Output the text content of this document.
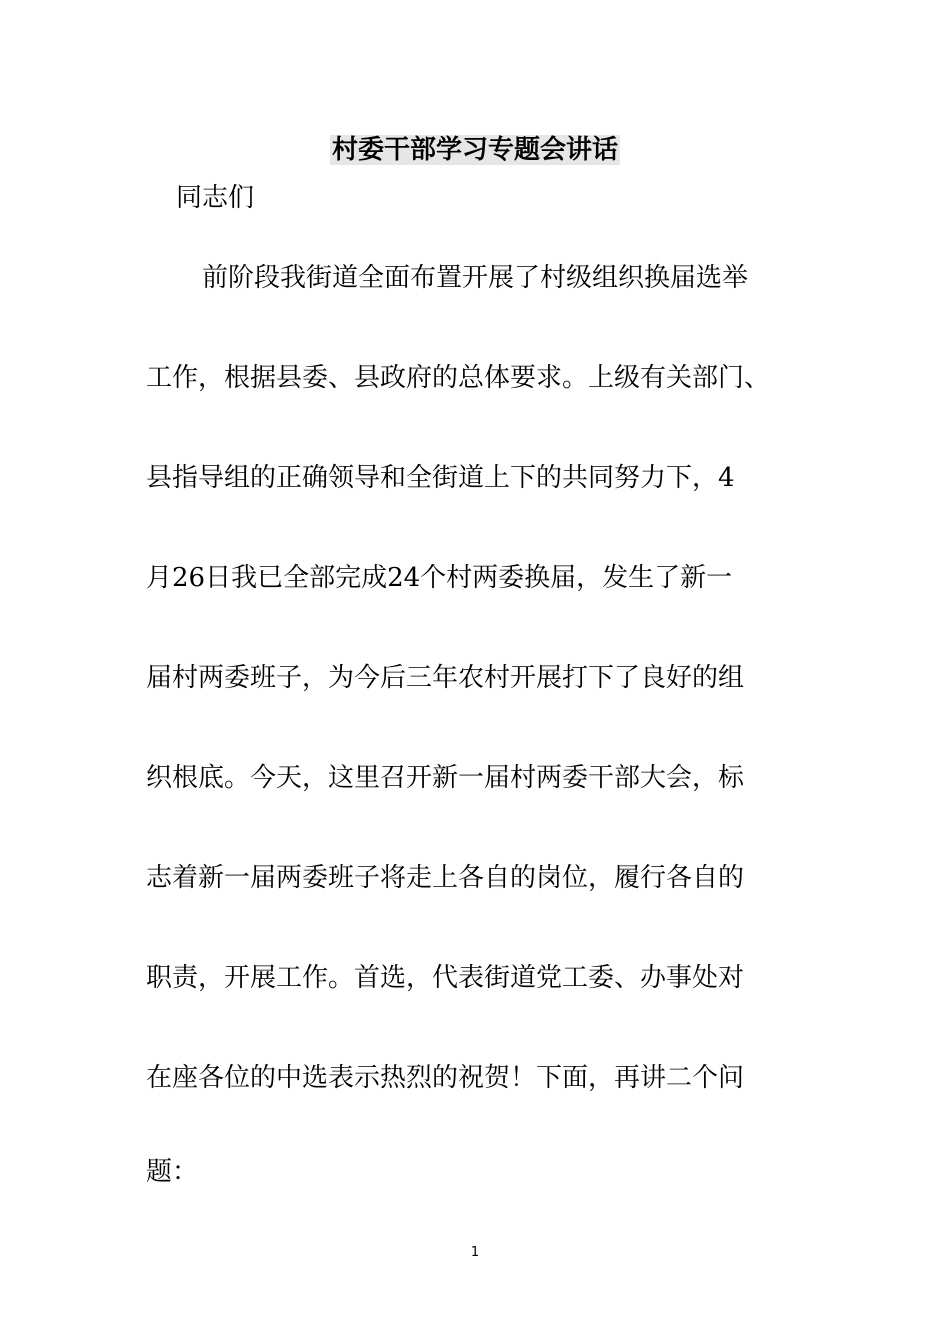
村委干部学习专题会讲话

同志们

前阶段我街道全面布置开展了村级组织换届选举

工作，根据县委、县政府的总体要求。上级有关部门、

县指导组的正确领导和全街道上下的共同努力下，4

月26日我已全部完成24个村两委换届，发生了新一

届村两委班子，为今后三年农村开展打下了良好的组

织根底。今天，这里召开新一届村两委干部大会，标

志着新一届两委班子将走上各自的岗位，履行各自的

职责，开展工作。首选，代表街道党工委、办事处对

在座各位的中选表示热烈的祝贺！下面，再讲二个问

题：

1
